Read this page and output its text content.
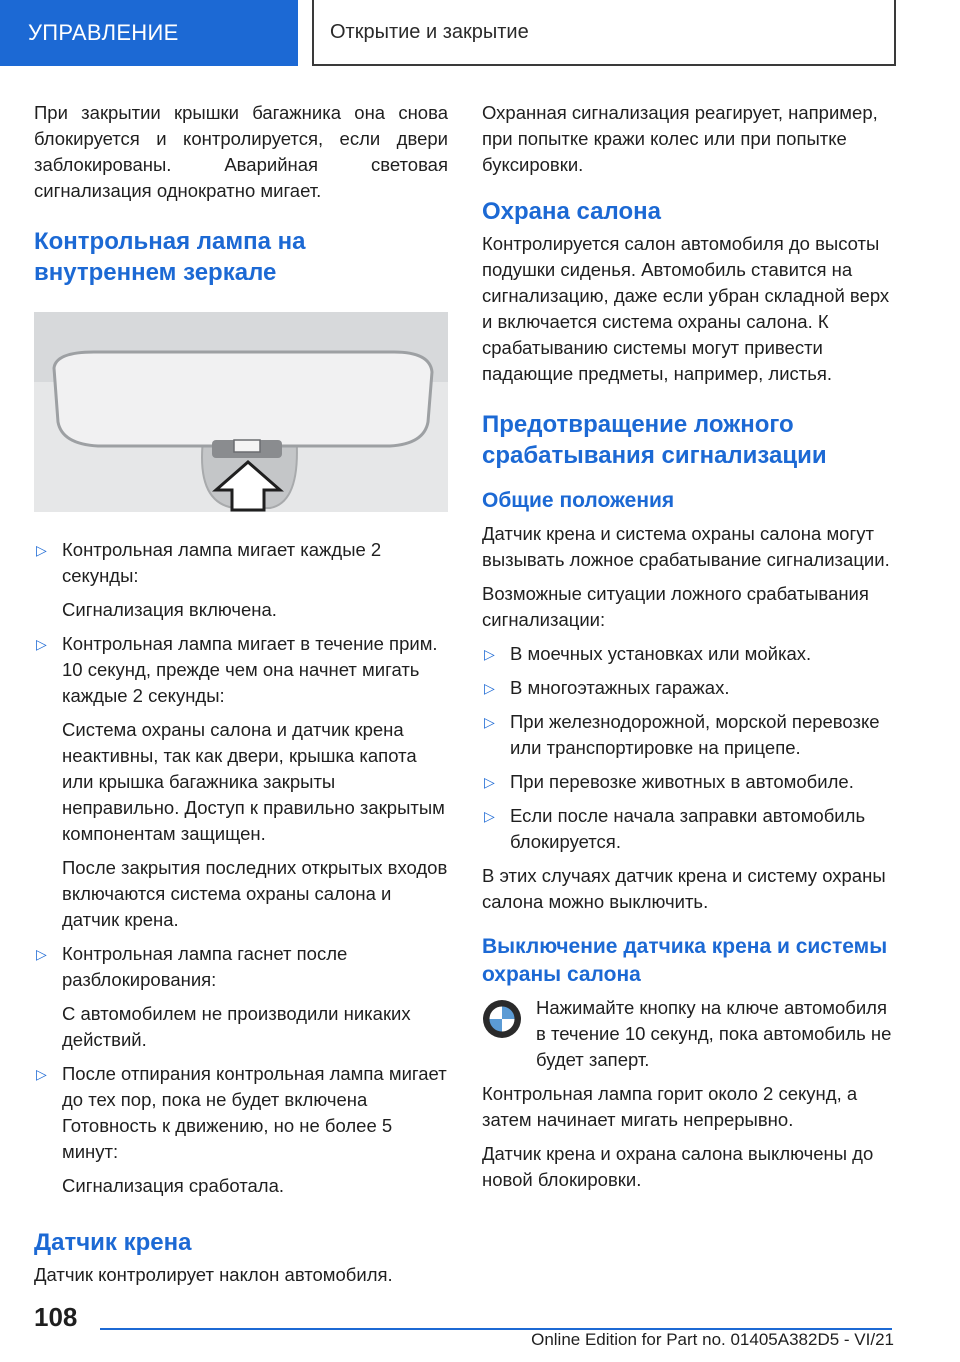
УПРАВЛЕНИЕ	Открытие и закрытие

При закрытии крышки багажника она снова блокируется и контролируется, если двери заблокированы. Аварийная световая сигнализация однократно мигает.

Контрольная лампа на внутреннем зеркале
▷ Контрольная лампа мигает каждые 2 секунды:
Сигнализация включена.
▷ Контрольная лампа мигает в течение прим. 10 секунд, прежде чем она начнет мигать каждые 2 секунды:
Система охраны салона и датчик крена неактивны, так как двери, крышка капота или крышка багажника закрыты неправильно. Доступ к правильно закрытым компонентам защищен.
После закрытия последних открытых входов включаются система охраны салона и датчик крена.
▷ Контрольная лампа гаснет после разблокирования:
С автомобилем не производили никаких действий.
▷ После отпирания контрольная лампа мигает до тех пор, пока не будет включена Готовность к движению, но не более 5 минут:
Сигнализация сработала.
Датчик крена

Датчик контролирует наклон автомобиля.

Охранная сигнализация реагирует, например, при попытке кражи колес или при попытке буксировки.

Охрана салона

Контролируется салон автомобиля до высоты подушки сиденья. Автомобиль ставится на сигнализацию, даже если убран складной верх и включается система охраны салона. К срабатыванию системы могут привести падающие предметы, например, листья.

Предотвращение ложного срабатывания сигнализации
Общие положения

Датчик крена и система охраны салона могут вызывать ложное срабатывание сигнализации.

Возможные ситуации ложного срабатывания сигнализации:

▷ В моечных установках или мойках.
▷ В многоэтажных гаражах.
▷ При железнодорожной, морской перевозке или транспортировке на прицепе.
▷ При перевозке животных в автомобиле.
▷ Если после начала заправки автомобиль блокируется.

В этих случаях датчик крена и систему охраны салона можно выключить.

Выключение датчика крена и системы охраны салона

Нажимайте кнопку на ключе автомобиля в течение 10 секунд, пока автомобиль не будет заперт.

Контрольная лампа горит около 2 секунд, а затем начинает мигать непрерывно.

Датчик крена и охрана салона выключены до новой блокировки.

108
Online Edition for Part no. 01405A382D5 - VI/21
